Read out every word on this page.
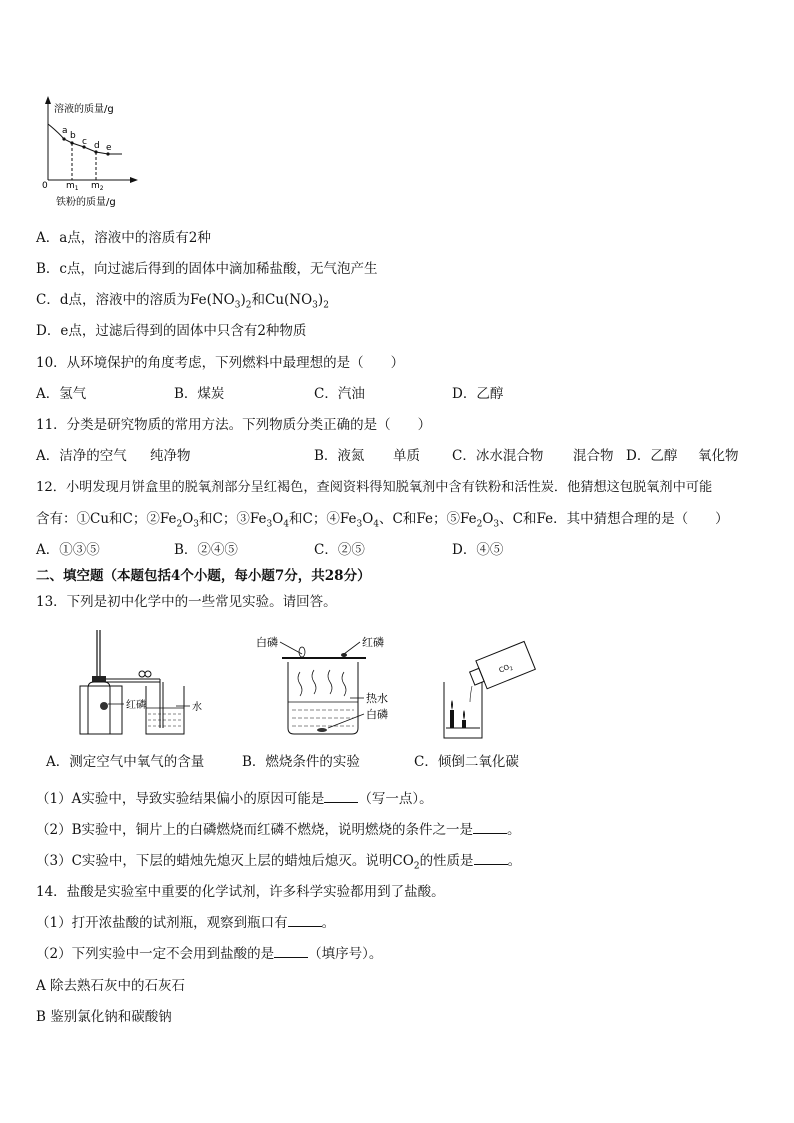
溶液的质量/g
a b
c d e
0 $m_1$ $m_2$
铁粉的质量/g
A．a点，溶液中的溶质有2种
B．c点，向过滤后得到的固体中滴加稀盐酸，无气泡产生
C．d点，溶液中的溶质为$Fe(NO_3)_2$和$Cu(NO_3)_2$
D．e点，过滤后得到的固体中只含有2种物质
10．从环境保护的角度考虑，下列燃料中最理想的是（　　）
A．氢气	B．煤炭	C．汽油	D．乙醇
11．分类是研究物质的常用方法。下列物质分类正确的是（　　）
A．洁净的空气 纯净物	B．液氮 单质 C．冰水混合物 混合物 D．乙醇 氧化物
12．小明发现月饼盒里的脱氧剂部分呈红褐色，查阅资料得知脱氧剂中含有铁粉和活性炭．他猜想这包脱氧剂中可能
含有：①Cu和C；$②Fe_2O_3$和C；$③Fe_3O_4$和C；$④Fe_3O_4$、C和Fe；$⑤Fe_2O_3$、C和Fe．其中猜想合理的是（　　）
A．①③⑤	B．②④⑤	C．②⑤	D．④⑤
二、填空题（本题包括4个小题，每小题7分，共28分）
13．下列是初中化学中的一些常见实验。请回答。
红磷	水
白磷	红磷
热水
白磷
$CO_2$
A．测定空气中氧气的含量	B．燃烧条件的实验	C．倾倒二氧化碳
（1）A实验中，导致实验结果偏小的原因可能是	（写一点）。
（2）B实验中，铜片上的白磷燃烧而红磷不燃烧，说明燃烧的条件之一是	。
（3）C实验中，下层的蜡烛先熄灭上层的蜡烛后熄灭。说明$CO_2$的性质是	。
14．盐酸是实验室中重要的化学试剂，许多科学实验都用到了盐酸。
（1）打开浓盐酸的试剂瓶，观察到瓶口有	。
（2）下列实验中一定不会用到盐酸的是	（填序号）。
A 除去熟石灰中的石灰石
B 鉴别氯化钠和碳酸钠
